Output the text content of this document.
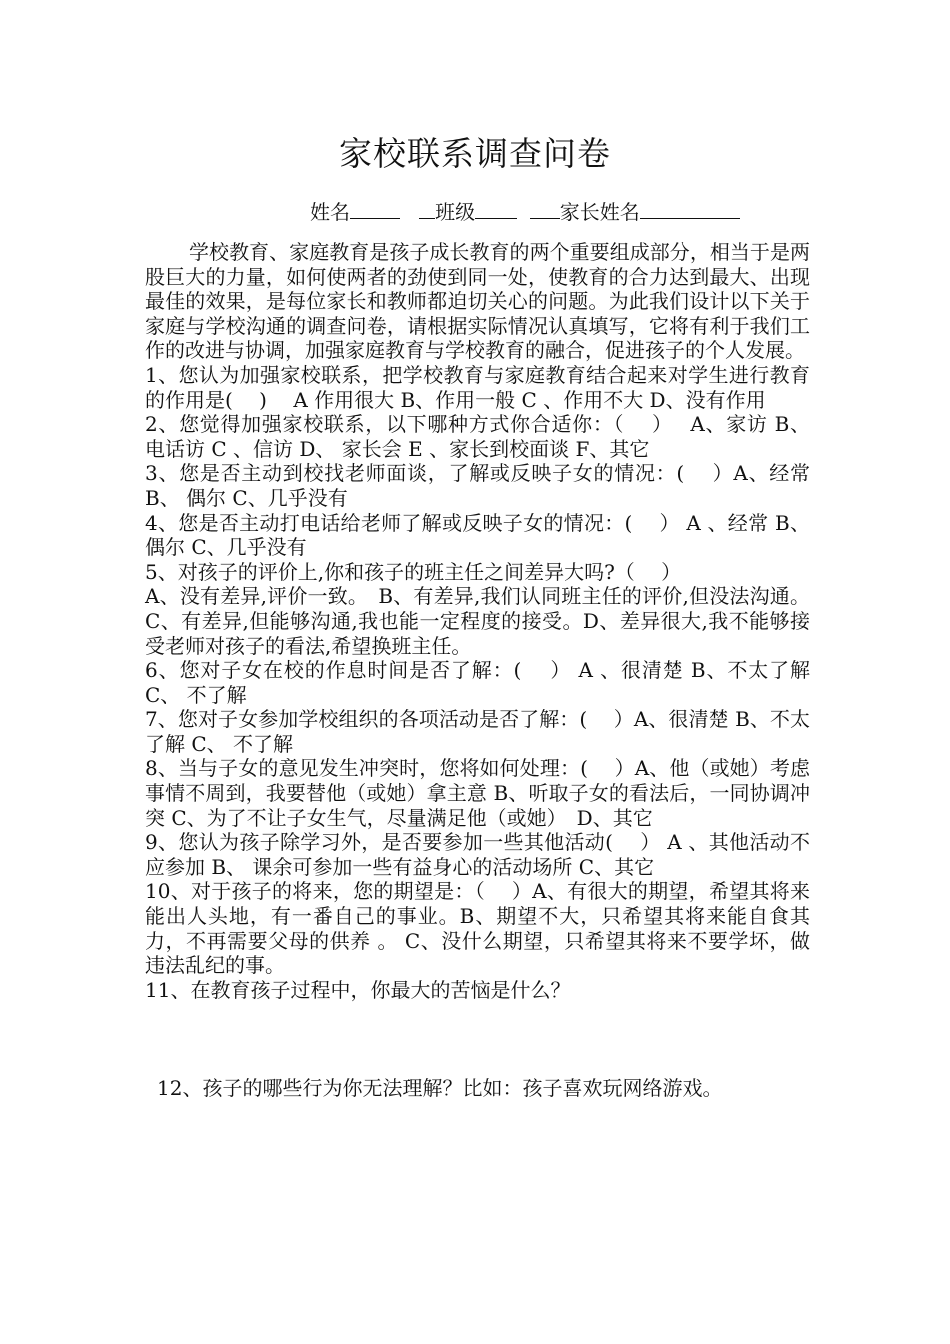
家校联系调查问卷
姓名	班级	家长姓名

学校教育、家庭教育是孩子成长教育的两个重要组成部分，相当于是两股巨大的力量，如何使两者的劲使到同一处，使教育的合力达到最大、出现最佳的效果，是每位家长和教师都迫切关心的问题。为此我们设计以下关于家庭与学校沟通的调查问卷，请根据实际情况认真填写，它将有利于我们工作的改进与协调，加强家庭教育与学校教育的融合，促进孩子的个人发展。

1、您认为加强家校联系，把学校教育与家庭教育结合起来对学生进行教育的作用是(　 )　 A 作用很大 B、作用一般 C 、作用不大 D、没有作用

2、您觉得加强家校联系，以下哪种方式你合适你：（　 ）　 A、家访 B、 电话访 C 、信访 D、 家长会 E 、家长到校面谈 F、其它

3、您是否主动到校找老师面谈，了解或反映子女的情况：(　 ）A、经常 B、 偶尔 C、几乎没有

4、您是否主动打电话给老师了解或反映子女的情况：(　 ） A 、经常 B、偶尔 C、几乎没有

5、对孩子的评价上,你和孩子的班主任之间差异大吗?（　 ）

A、没有差异,评价一致。　B、有差异,我们认同班主任的评价,但没法沟通。C、有差异,但能够沟通,我也能一定程度的接受。D、差异很大,我不能够接受老师对孩子的看法,希望换班主任。

6、您对子女在校的作息时间是否了解：(　 ） A 、很清楚 B、不太了解 C、 不了解

7、您对子女参加学校组织的各项活动是否了解：(　 ）A、很清楚 B、不太了解 C、 不了解

8、当与子女的意见发生冲突时，您将如何处理：(　 ）A、他（或她）考虑事情不周到，我要替他（或她）拿主意 B、听取子女的看法后，一同协调冲突 C、为了不让子女生气，尽量满足他（或她）　D、其它

9、您认为孩子除学习外，是否要参加一些其他活动(　 ） A 、其他活动不应参加 B、 课余可参加一些有益身心的活动场所 C、其它

10、对于孩子的将来，您的期望是：（　 ）A、有很大的期望，希望其将来能出人头地，有一番自己的事业。B、期望不大，只希望其将来能自食其力，不再需要父母的供养 。 C、没什么期望，只希望其将来不要学坏，做违法乱纪的事。

11、在教育孩子过程中，你最大的苦恼是什么？

12、孩子的哪些行为你无法理解？比如：孩子喜欢玩网络游戏。
